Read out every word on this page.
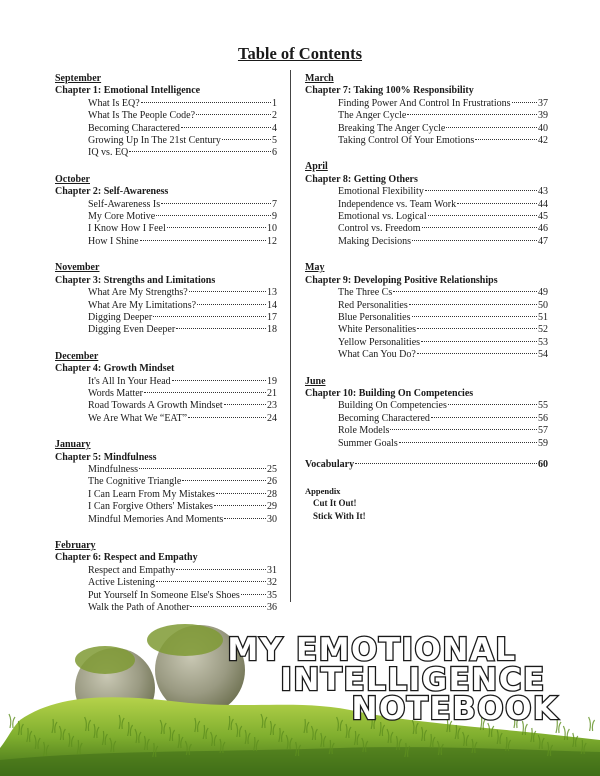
Table of Contents
September
Chapter 1: Emotional Intelligence
What Is EQ?	1
What Is The People Code?	2
Becoming Charactered	4
Growing Up In The 21st Century	5
IQ vs. EQ	6
October
Chapter 2: Self-Awareness
Self-Awareness Is	7
My Core Motive	9
I Know How I Feel	10
How I Shine	12
November
Chapter 3: Strengths and Limitations
What Are My Strengths?	13
What Are My Limitations?	14
Digging Deeper	17
Digging Even Deeper	18
December
Chapter 4: Growth Mindset
It's All In Your Head	19
Words Matter	21
Road Towards A Growth Mindset	23
We Are What We “EAT”	24
January
Chapter 5: Mindfulness
Mindfulness	25
The Cognitive Triangle	26
I Can Learn From My Mistakes	28
I Can Forgive Others' Mistakes	29
Mindful Memories And Moments	30
February
Chapter 6: Respect and Empathy
Respect and Empathy	31
Active Listening	32
Put Yourself In Someone Else's Shoes	35
Walk the Path of Another	36
March
Chapter 7: Taking 100% Responsibility
Finding Power And Control In Frustrations	37
The Anger Cycle	39
Breaking The Anger Cycle	40
Taking Control Of Your Emotions	42
April
Chapter 8: Getting Others
Emotional Flexibility	43
Independence vs. Team Work	44
Emotional vs. Logical	45
Control vs. Freedom	46
Making Decisions	47
May
Chapter 9: Developing Positive Relationships
The Three Cs	49
Red Personalities	50
Blue Personalities	51
White Personalities	52
Yellow Personalities	53
What Can You Do?	54
June
Chapter 10: Building On Competencies
Building On Competencies	55
Becoming Charactered	56
Role Models	57
Summer Goals	59
Vocabulary	60
Appendix
Cut It Out!
Stick With It!
MY EMOTIONAL
INTELLIGENCE
NOTEBOOK
